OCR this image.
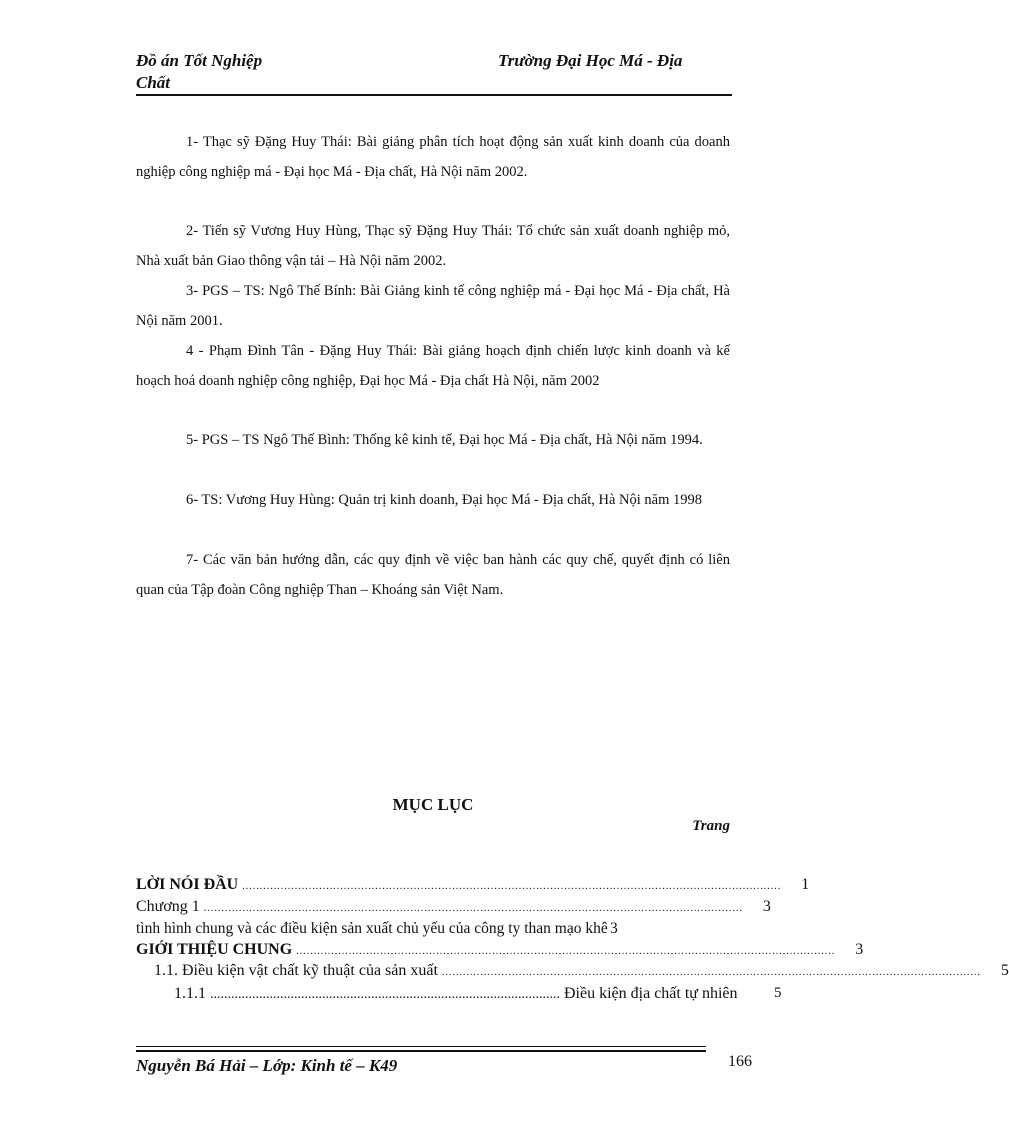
Đồ án Tốt Nghiệp
Chất
Trường Đại Học Má - Địa

1- Thạc sỹ Đặng Huy Thái: Bài giảng phân tích hoạt động sản xuất kinh doanh của doanh nghiệp công nghiệp má - Đại học Má - Địa chất, Hà Nội năm 2002.

2- Tiến sỹ Vương Huy Hùng, Thạc sỹ Đặng Huy Thái: Tổ chức sản xuất doanh nghiệp mỏ, Nhà xuất bản Giao thông vận tải – Hà Nội năm 2002.

3- PGS – TS: Ngô Thế Bính: Bài Giảng kinh tế công nghiệp má - Đại học Má - Địa chất, Hà Nội năm 2001.

4 - Phạm Đình Tân - Đặng Huy Thái: Bài giảng hoạch định chiến lược kinh doanh và kế hoạch hoá doanh nghiệp công nghiệp, Đại học Má - Địa chất Hà Nội, năm 2002

5- PGS – TS Ngô Thế Bình: Thống kê kinh tế, Đại học Má - Địa chất, Hà Nội năm 1994.

6- TS: Vương Huy Hùng: Quản trị kinh doanh, Đại học Má - Địa chất, Hà Nội năm 1998

7- Các văn bản hướng dẫn, các quy định về việc ban hành các quy chế, quyết định có liên quan của Tập đoàn Công nghiệp Than – Khoáng sản Việt Nam.

MỤC LỤC
Trang
LỜI NÓI ĐẦU ..........................................................................................................................................................	1
Chương 1 ..........................................................................................................................................................	3
tình hình chung và các điều kiện sản xuất chủ yếu của công ty than mạo khê 3
GIỚI THIỆU CHUNG ..........................................................................................................................................................	3
1.1. Điều kiện vật chất kỹ thuật của sản xuất ..........................................................................................................................................................	5
1.1.1 .................................................................................................... Điều kiện địa chất tự nhiên 5
Nguyễn Bá Hải – Lớp: Kinh tế – K49	166
